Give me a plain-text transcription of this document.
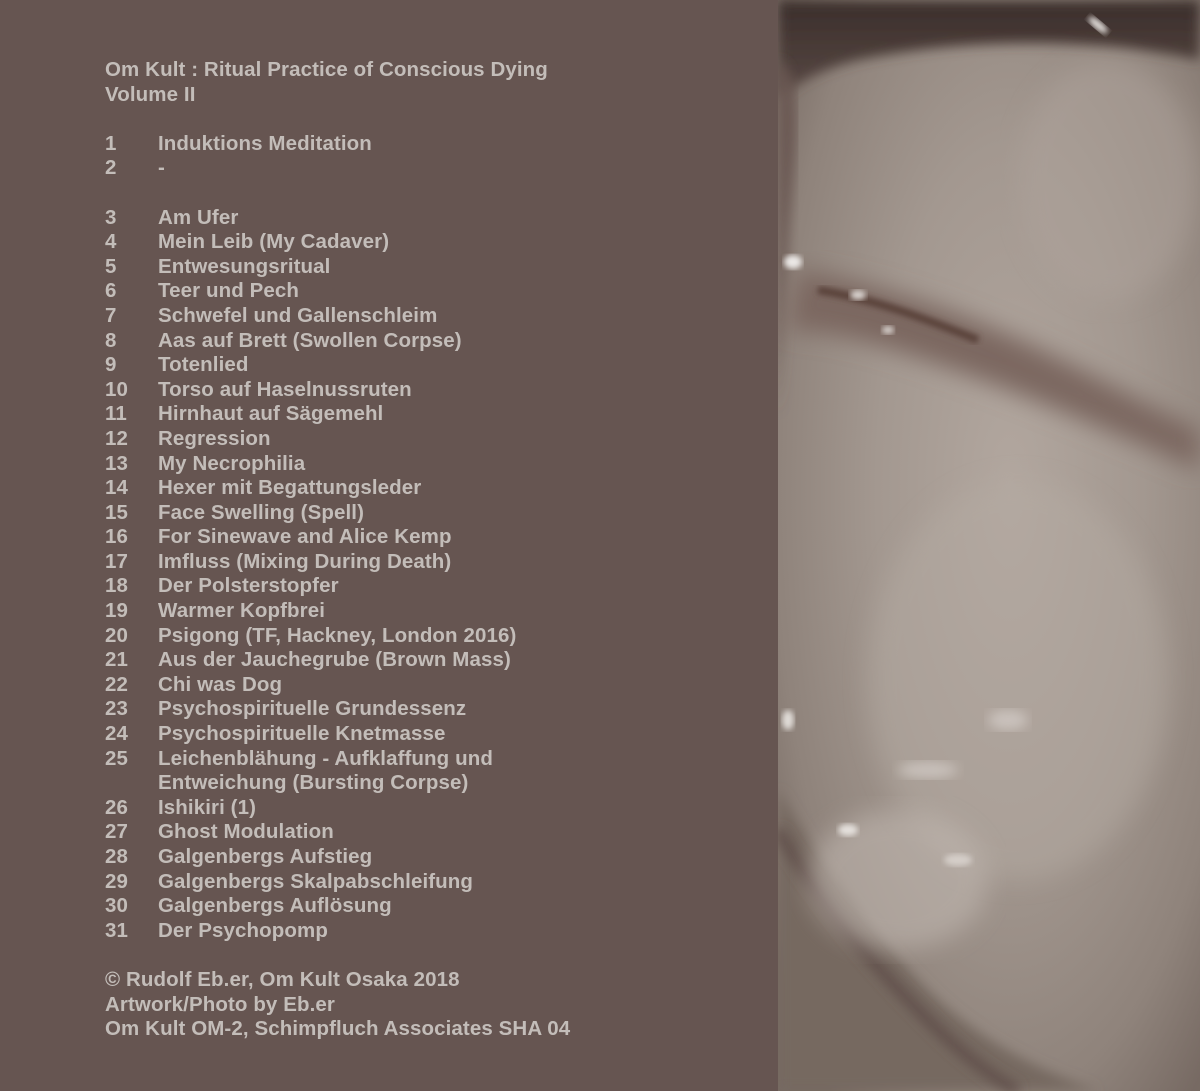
Om Kult : Ritual Practice of Conscious Dying
Volume II
1	Induktions Meditation
2	-
3	Am Ufer
4	Mein Leib (My Cadaver)
5	Entwesungsritual
6	Teer und Pech
7	Schwefel und Gallenschleim
8	Aas auf Brett (Swollen Corpse)
9	Totenlied
10	Torso auf Haselnussruten
11	Hirnhaut auf Sägemehl
12	Regression
13	My Necrophilia
14	Hexer mit Begattungsleder
15	Face Swelling (Spell)
16	For Sinewave and Alice Kemp
17	Imfluss (Mixing During Death)
18	Der Polsterstopfer
19	Warmer Kopfbrei
20	Psigong (TF, Hackney, London 2016)
21	Aus der Jauchegrube (Brown Mass)
22	Chi was Dog
23	Psychospirituelle Grundessenz
24	Psychospirituelle Knetmasse
25	Leichenblähung - Aufklaffung und
Entweichung (Bursting Corpse)
26	Ishikiri (1)
27	Ghost Modulation
28	Galgenbergs Aufstieg
29	Galgenbergs Skalpabschleifung
30	Galgenbergs Auflösung
31	Der Psychopomp
© Rudolf Eb.er, Om Kult Osaka 2018
Artwork/Photo by Eb.er
Om Kult OM-2, Schimpfluch Associates SHA 04
